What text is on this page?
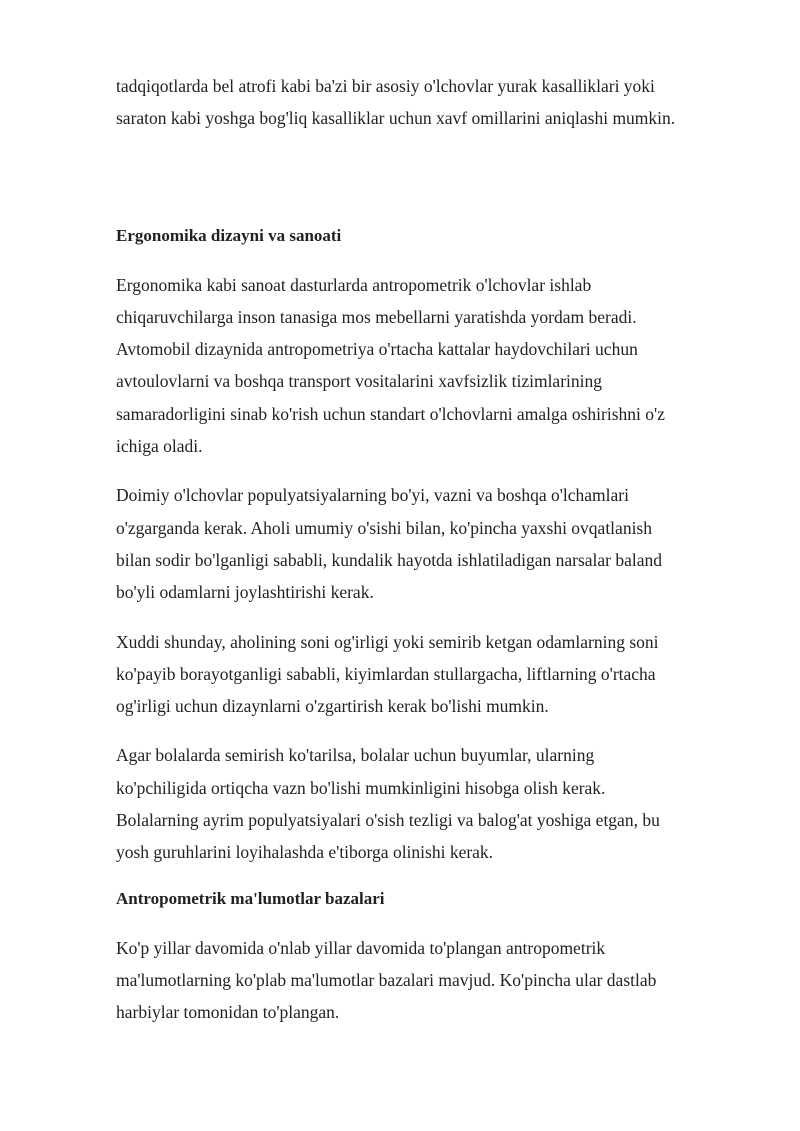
tadqiqotlarda bel atrofi kabi ba'zi bir asosiy o'lchovlar yurak kasalliklari yoki
saraton kabi yoshga bog'liq kasalliklar uchun xavf omillarini aniqlashi mumkin.

Ergonomika dizayni va sanoati

Ergonomika kabi sanoat dasturlarda antropometrik o'lchovlar ishlab
chiqaruvchilarga inson tanasiga mos mebellarni yaratishda yordam beradi.
Avtomobil dizaynida antropometriya o'rtacha kattalar haydovchilari uchun
avtoulovlarni va boshqa transport vositalarini xavfsizlik tizimlarining
samaradorligini sinab ko'rish uchun standart o'lchovlarni amalga oshirishni o'z
ichiga oladi.

Doimiy o'lchovlar populyatsiyalarning bo'yi, vazni va boshqa o'lchamlari
o'zgarganda kerak. Aholi umumiy o'sishi bilan, ko'pincha yaxshi ovqatlanish
bilan sodir bo'lganligi sababli, kundalik hayotda ishlatiladigan narsalar baland
bo'yli odamlarni joylashtirishi kerak.

Xuddi shunday, aholining soni og'irligi yoki semirib ketgan odamlarning soni
ko'payib borayotganligi sababli, kiyimlardan stullargacha, liftlarning o'rtacha
og'irligi uchun dizaynlarni o'zgartirish kerak bo'lishi mumkin.

Agar bolalarda semirish ko'tarilsa, bolalar uchun buyumlar, ularning
ko'pchiligida ortiqcha vazn bo'lishi mumkinligini hisobga olish kerak.
Bolalarning ayrim populyatsiyalari o'sish tezligi va balog'at yoshiga etgan, bu
yosh guruhlarini loyihalashda e'tiborga olinishi kerak.

Antropometrik ma'lumotlar bazalari

Ko'p yillar davomida o'nlab yillar davomida to'plangan antropometrik
ma'lumotlarning ko'plab ma'lumotlar bazalari mavjud. Ko'pincha ular dastlab
harbiylar tomonidan to'plangan.
